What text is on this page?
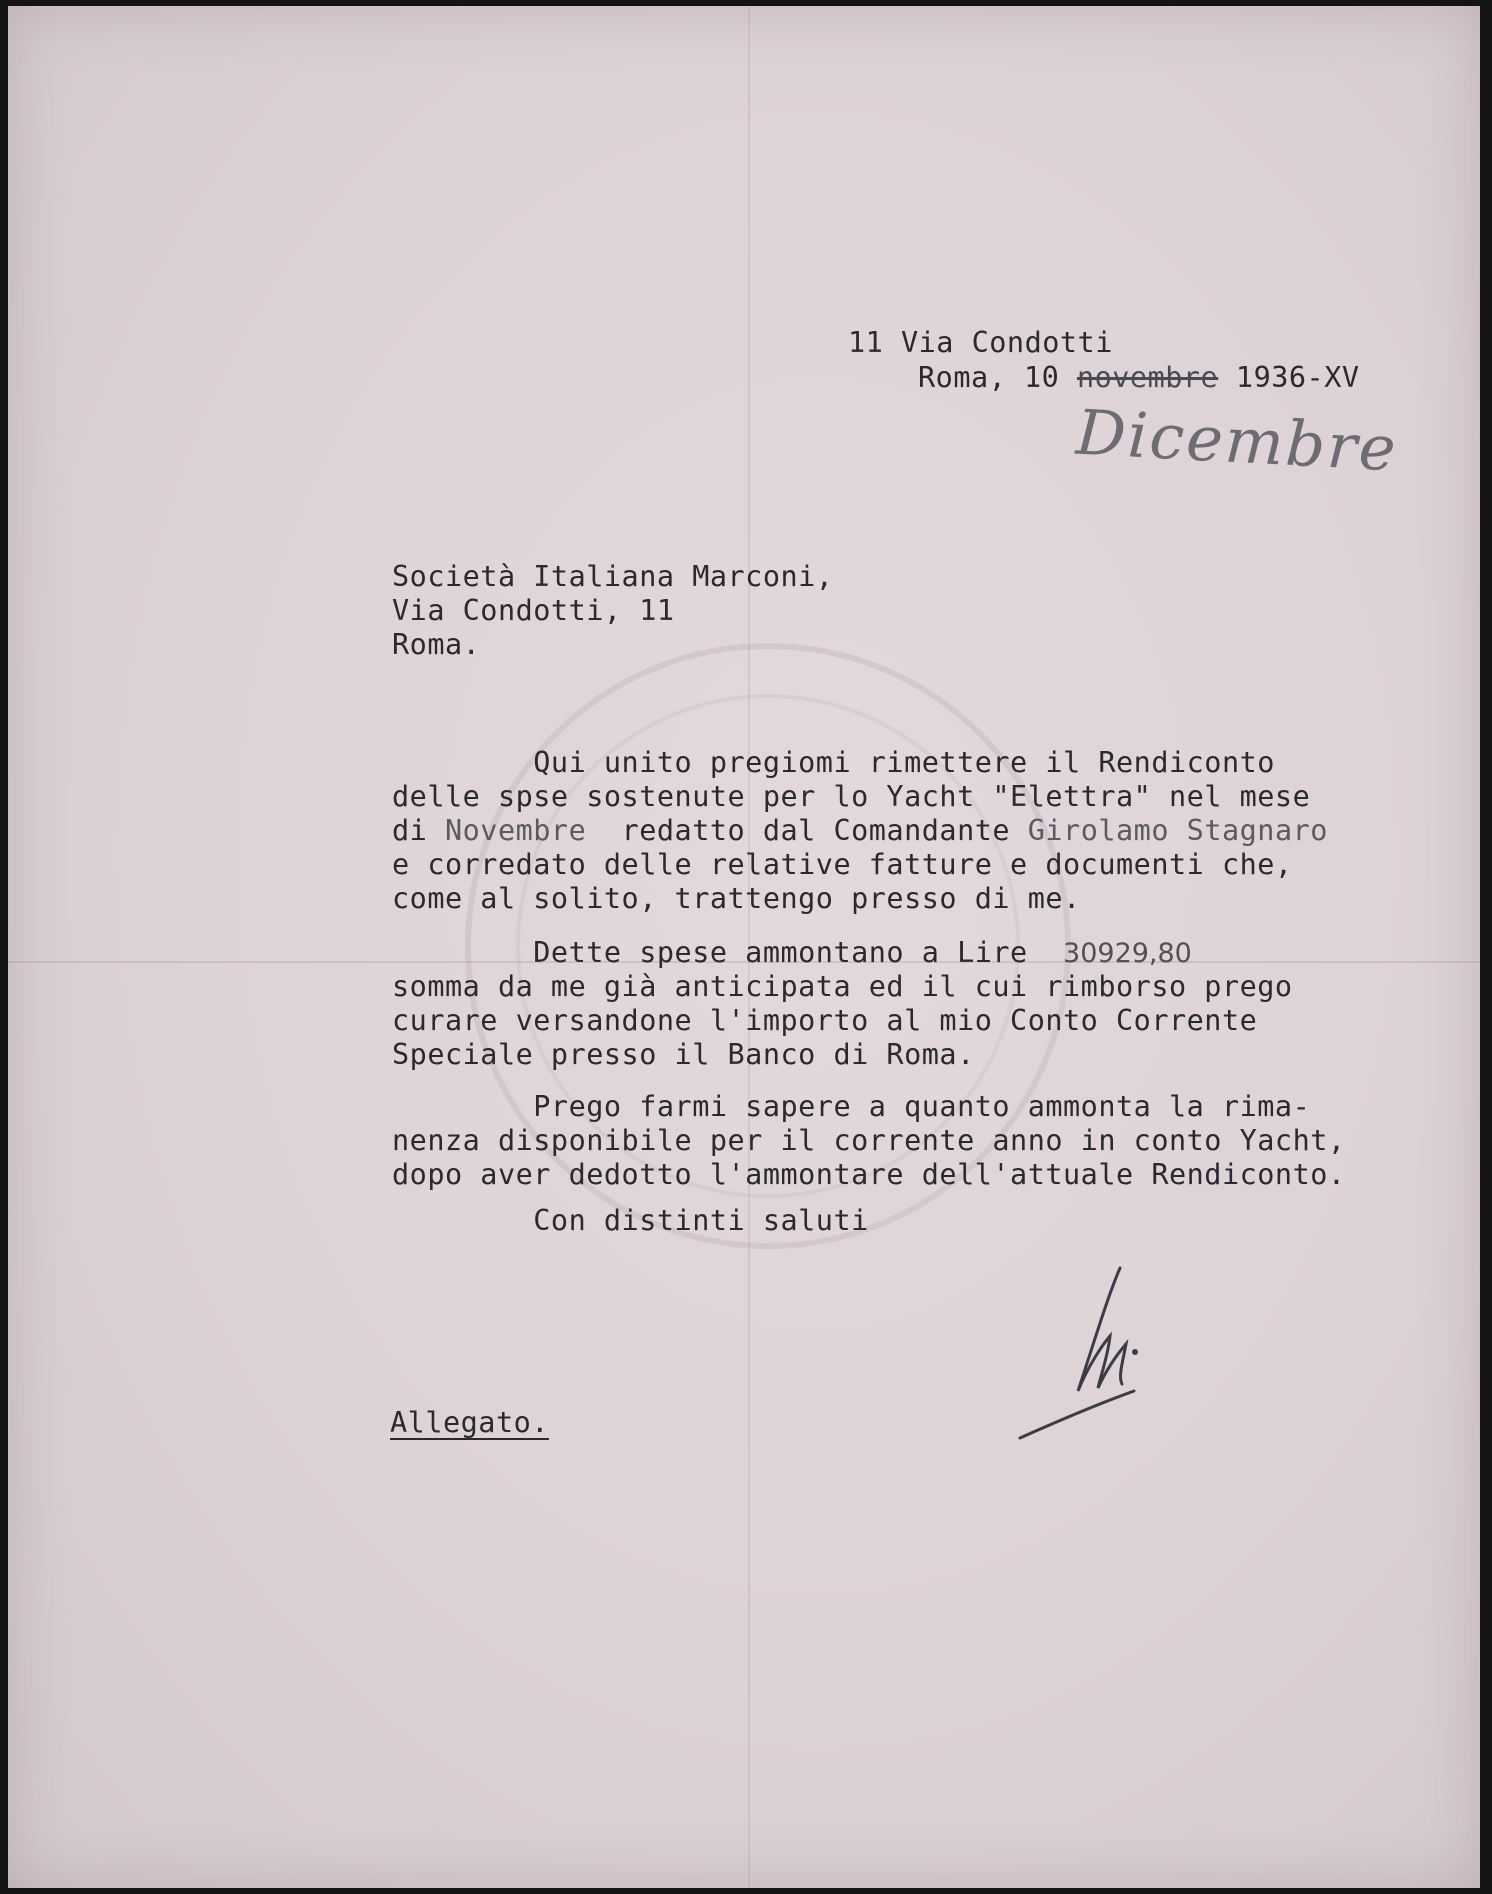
11 Via Condotti
Roma, 10 novembre 1936-XV
Dicembre
Società Italiana Marconi,
Via Condotti, 11
Roma.
Qui unito pregiomi rimettere il Rendiconto
delle spse sostenute per lo Yacht "Elettra" nel mese
di Novembre  redatto dal Comandante Girolamo Stagnaro
e corredato delle relative fatture e documenti che,
come al solito, trattengo presso di me.
Dette spese ammontano a Lire  30929,80
somma da me già anticipata ed il cui rimborso prego
curare versandone l'importo al mio Conto Corrente
Speciale presso il Banco di Roma.
Prego farmi sapere a quanto ammonta la rima-
nenza disponibile per il corrente anno in conto Yacht,
dopo aver dedotto l'ammontare dell'attuale Rendiconto.
Con distinti saluti
Allegato.
